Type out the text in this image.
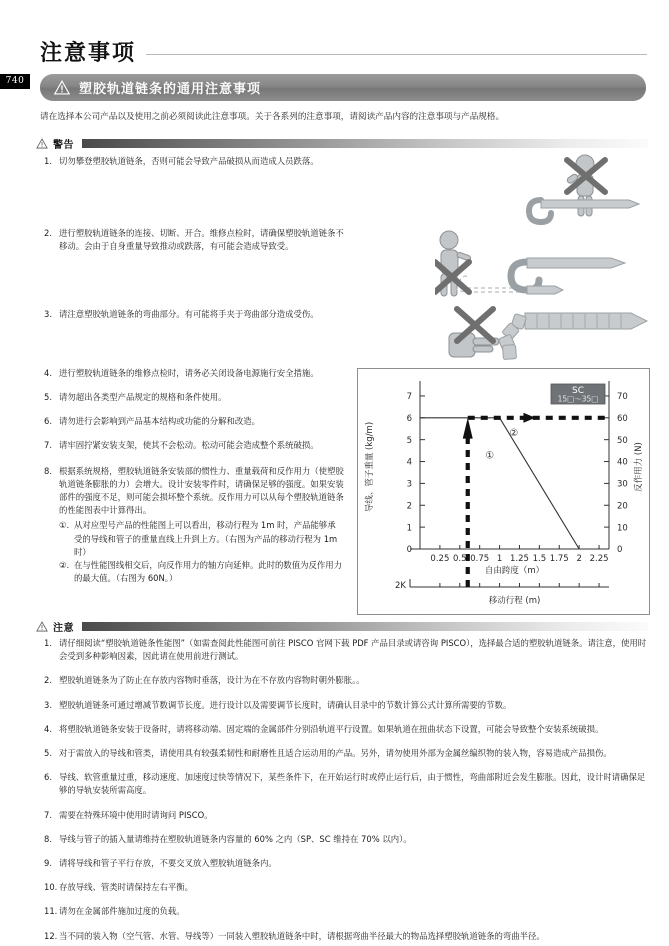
740
注意事项
塑胶轨道链条的通用注意事项
请在选择本公司产品以及使用之前必须阅读此注意事项。关于各系列的注意事项，请阅读产品内容的注意事项与产品规格。
警告
1. 切勿攀登塑胶轨道链条，否则可能会导致产品破损从而造成人员跌落。
2. 进行塑胶轨道链条的连接、切断、开合。维修点检时，请确保塑胶轨道链条不移动。会由于自身重量导致推动或跌落，有可能会造成导致受。
3. 请注意塑胶轨道链条的弯曲部分。有可能将手夹于弯曲部分造成受伤。
4. 进行塑胶轨道链条的维修点检时，请务必关闭设备电源施行安全措施。
5. 请勿超出各类型产品规定的规格和条件使用。
6. 请勿进行会影响到产品基本结构或功能的分解和改造。
7. 请牢固拧紧安装支架，使其不会松动。松动可能会造成整个系统破损。
8. 根据系统规格，塑胶轨道链条安装部的惯性力、重量载荷和反作用力（使塑胶轨道链条膨胀的力）会增大。设计安装零件时，请确保足够的强度。如果安装部件的强度不足，则可能会损坏整个系统。反作用力可以从每个塑胶轨道链条的性能图表中计算得出。
①. 从对应型号产品的性能图上可以看出，移动行程为 1m 时，产品能够承受的导线和管子的重量直线上升到上方。（右图为产品的移动行程为 1m 时）
②. 在与性能图线相交后，向反作用力的轴方向延伸。此时的数值为反作用力的最大值。（右图为 60N。）
0
1
2
3
4
5
6
7
0
10
20
30
40
50
60
70
0.25 0.5 0.75 1 1.25 1.5 1.75 2 2.25
自由跨度（m）
导线、管子重量 (kg/m)	反作用力 (N)
2K
移动行程 (m)
①
②
SC
15□～35□
注意
1. 请仔细阅读“塑胶轨道链条性能图”（如需查阅此性能图可前往 PISCO 官网下载 PDF 产品目录或请咨询 PISCO），选择最合适的塑胶轨道链条。请注意，使用时会受到多种影响因素，因此请在使用前进行测试。
2. 塑胶轨道链条为了防止在存放内容物时垂落，设计为在不存放内容物时朝外膨胀。。
3. 塑胶轨道链条可通过增减节数调节长度。进行设计以及需要调节长度时，请确认目录中的节数计算公式计算所需要的节数。
4. 将塑胶轨道链条安装于设备时，请将移动端、固定端的金属部件分别沿轨道平行设置。如果轨道在扭曲状态下设置，可能会导致整个安装系统破损。
5. 对于需放入的导线和管类，请使用具有较强柔韧性和耐磨性且适合运动用的产品。另外，请勿使用外部为金属丝编织物的装入物，容易造成产品损伤。
6. 导线、软管重量过重，移动速度、加速度过快等情况下，某些条件下，在开始运行时或停止运行后，由于惯性，弯曲部附近会发生膨胀。因此，设计时请确保足够的导轨安装所需高度。
7. 需要在特殊环境中使用时请询问 PISCO。
8. 导线与管子的插入量请维持在塑胶轨道链条内容量的 60% 之内（SP、SC 维持在 70% 以内）。
9. 请将导线和管子平行存放，不要交叉放入塑胶轨道链条内。
10. 存放导线、管类时请保持左右平衡。
11. 请勿在金属部件施加过度的负载。
12. 当不同的装入物（空气管、水管、导线等）一同装入塑胶轨道链条中时，请根据弯曲半径最大的物品选择塑胶轨道链条的弯曲半径。
